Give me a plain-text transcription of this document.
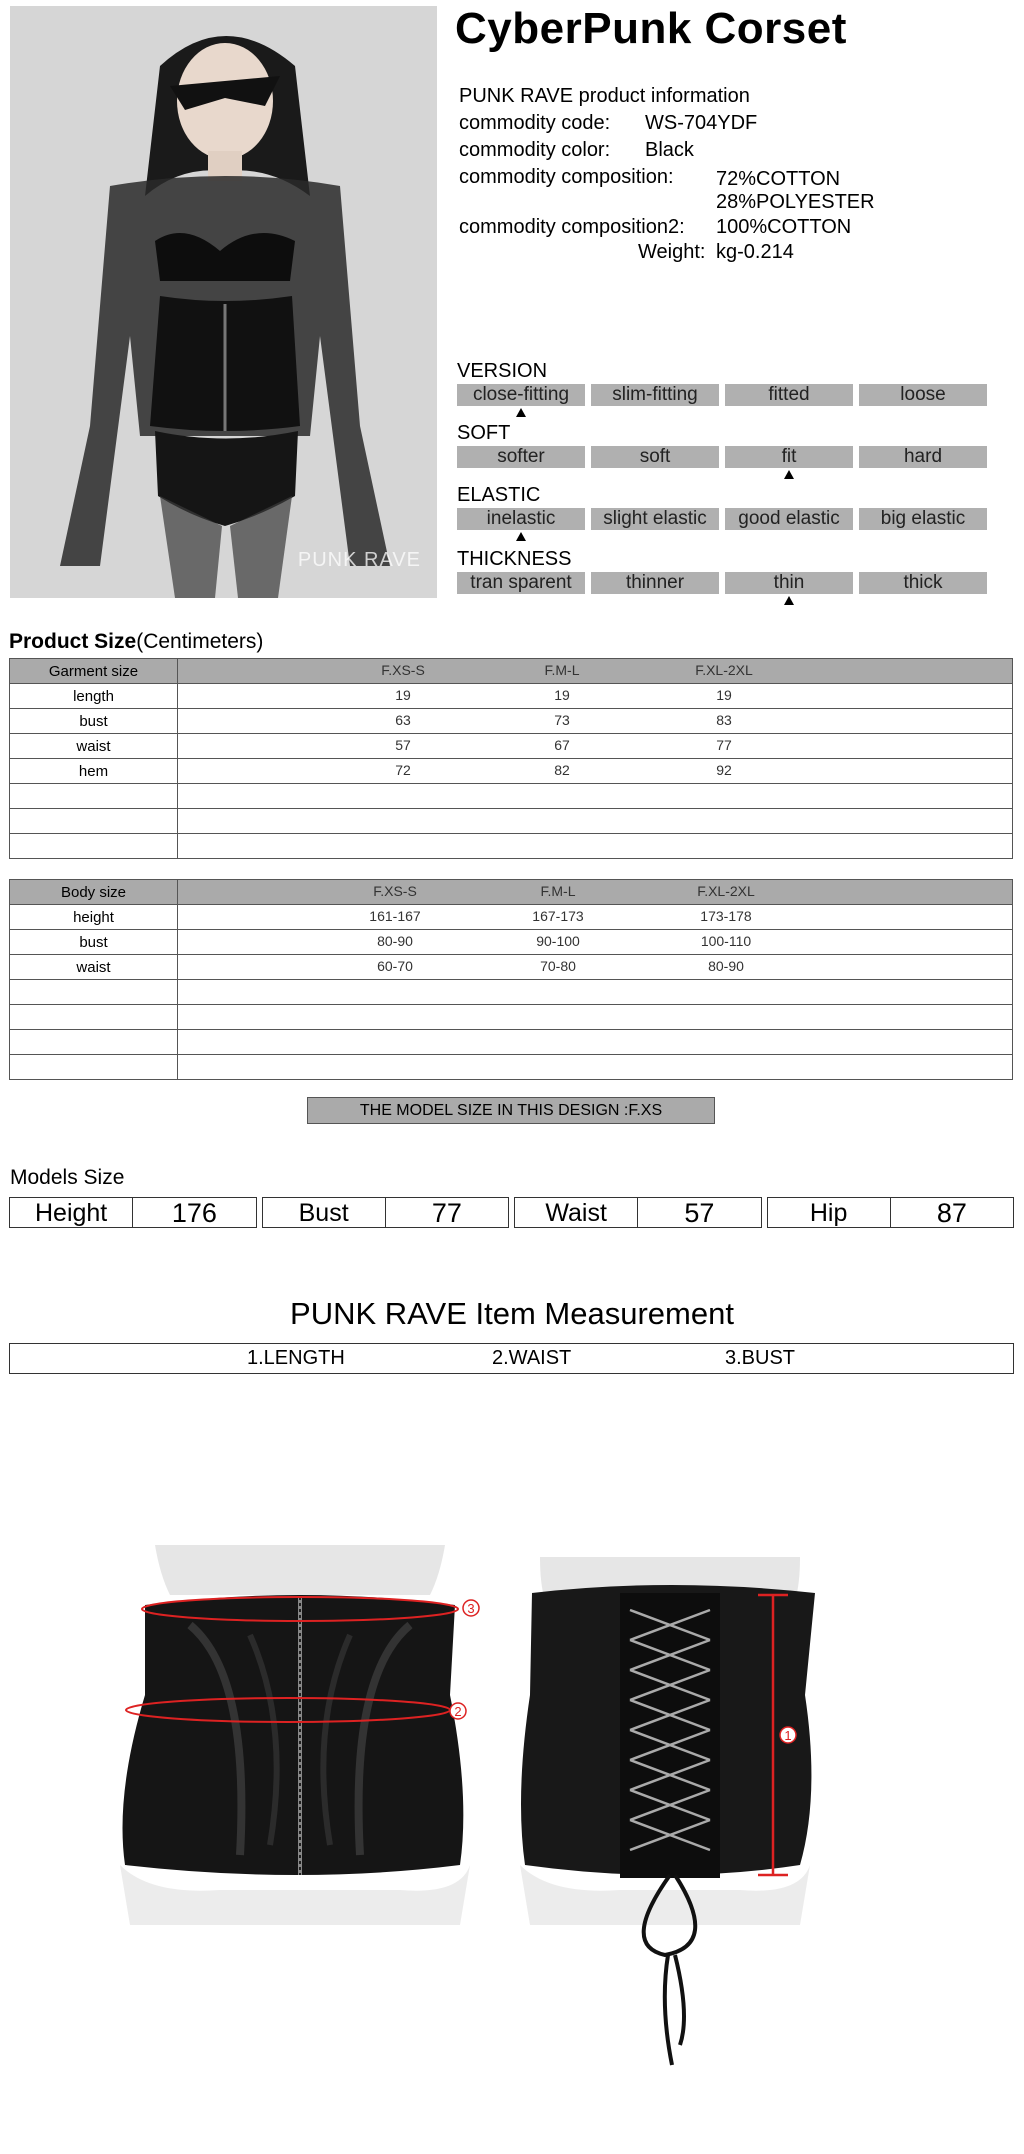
PUNK RAVE
CyberPunk Corset
PUNK RAVE product information
commodity code: WS-704YDF
commodity color: Black
commodity composition: 72%COTTON
28%POLYESTER
commodity composition2: 100%COTTON
Weight: kg-0.214
VERSION
close-fitting	slim-fitting	fitted	loose
SOFT
softer	soft	fit	hard
ELASTIC
inelastic	slight elastic	good elastic	big elastic
THICKNESS
tran sparent	thinner	thin	thick
Product Size(Centimeters)
Garment size	F.XS-S F.M-L F.XL-2XL

length	19 19 19

bust	63 73 83

waist	57 67 77

hem	72 82 92

Body size	F.XS-S F.M-L F.XL-2XL

height	161-167 167-173 173-178

bust	80-90 90-100 100-110

waist	60-70 70-80 80-90

THE MODEL SIZE IN THIS DESIGN :F.XS
Models Size
Height	176	Bust	77	Waist	57	Hip	87
PUNK RAVE Item Measurement
1.LENGTH	2.WAIST	3.BUST
3
2
1
